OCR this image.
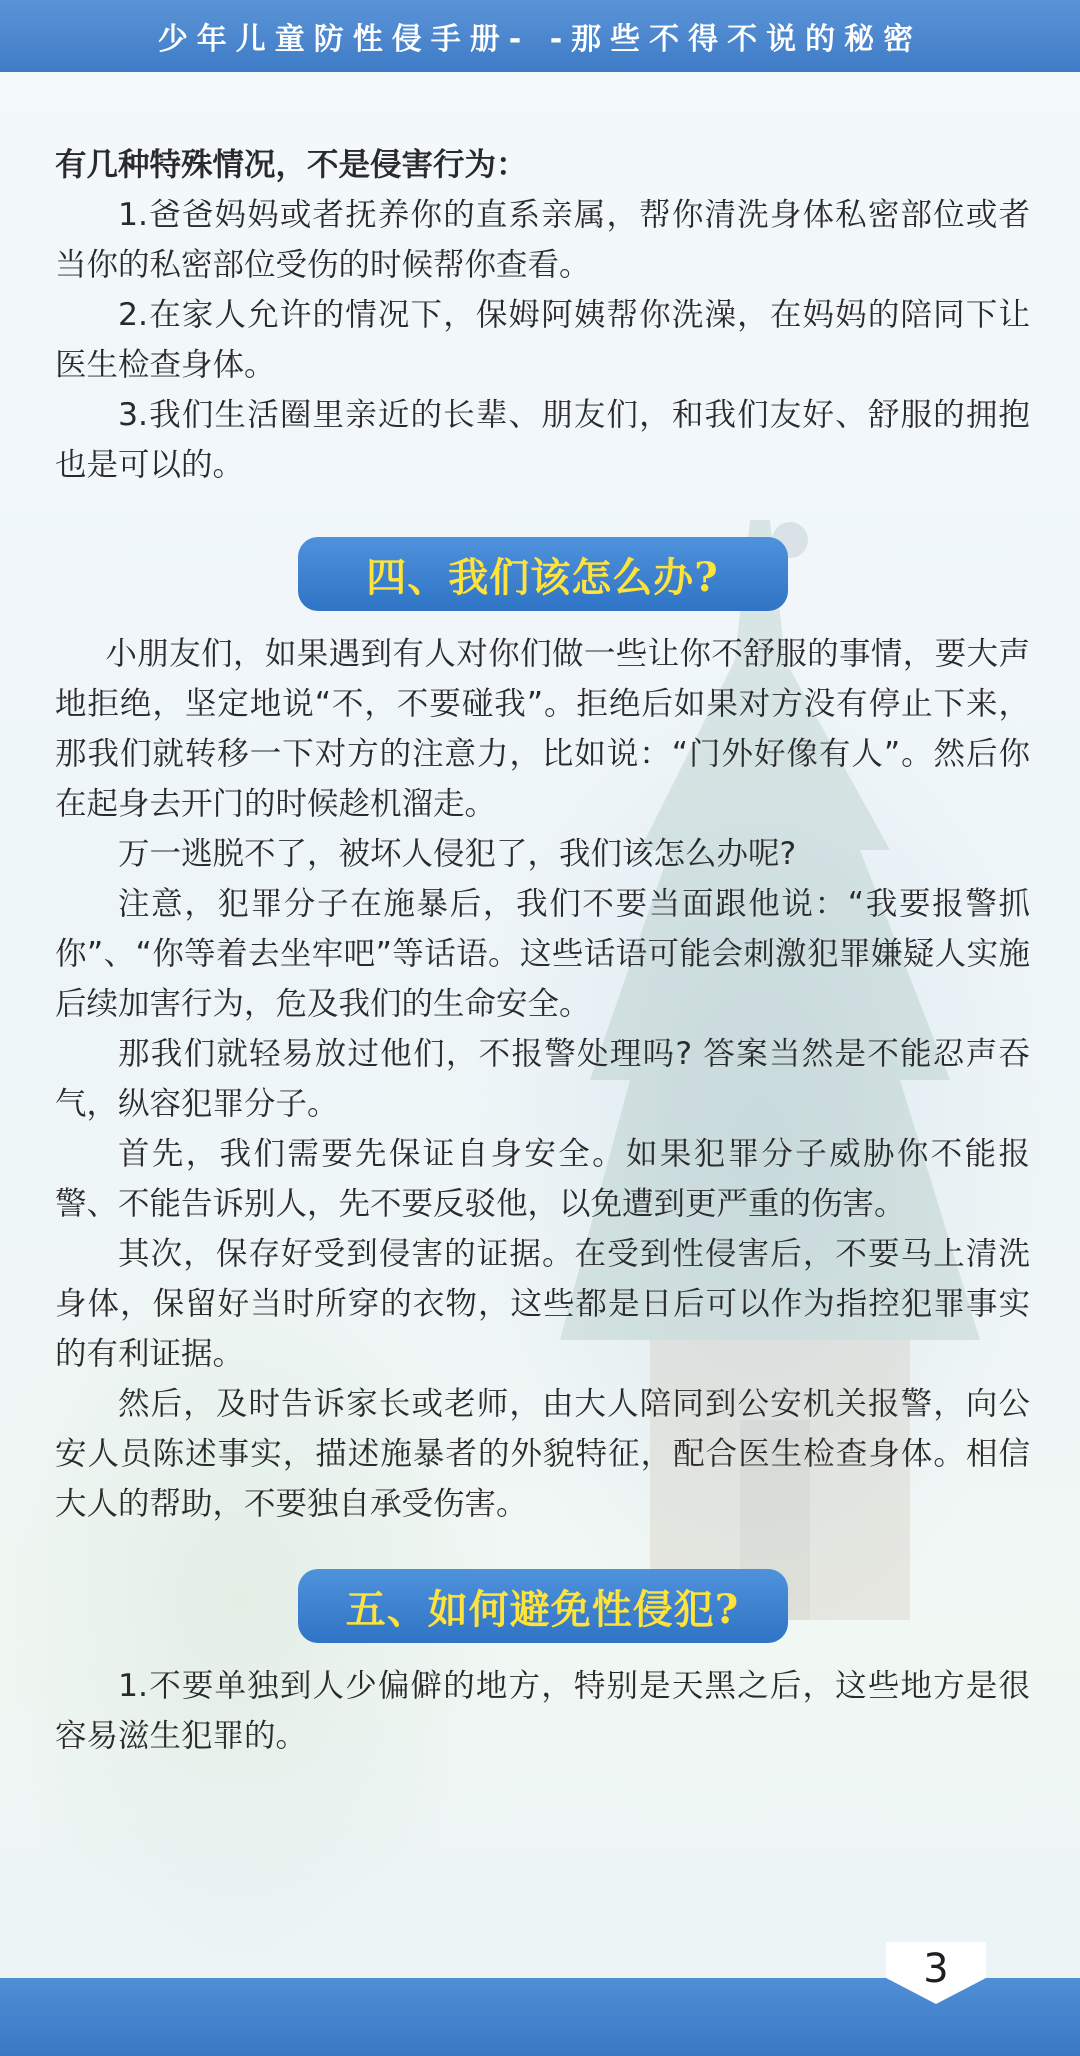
少年儿童防性侵手册- -那些不得不说的秘密

有几种特殊情况，不是侵害行为：

1.爸爸妈妈或者抚养你的直系亲属，帮你清洗身体私密部位或者当你的私密部位受伤的时候帮你查看。

2.在家人允许的情况下，保姆阿姨帮你洗澡，在妈妈的陪同下让医生检查身体。

3.我们生活圈里亲近的长辈、朋友们，和我们友好、舒服的拥抱也是可以的。

四、我们该怎么办?

小朋友们，如果遇到有人对你们做一些让你不舒服的事情，要大声地拒绝，坚定地说“不，不要碰我”。拒绝后如果对方没有停止下来，那我们就转移一下对方的注意力，比如说：“门外好像有人”。然后你在起身去开门的时候趁机溜走。

万一逃脱不了，被坏人侵犯了，我们该怎么办呢?

注意，犯罪分子在施暴后，我们不要当面跟他说：“我要报警抓你”、“你等着去坐牢吧”等话语。这些话语可能会刺激犯罪嫌疑人实施后续加害行为，危及我们的生命安全。

那我们就轻易放过他们，不报警处理吗? 答案当然是不能忍声吞气，纵容犯罪分子。

首先，我们需要先保证自身安全。如果犯罪分子威胁你不能报警、不能告诉别人，先不要反驳他，以免遭到更严重的伤害。

其次，保存好受到侵害的证据。在受到性侵害后，不要马上清洗身体，保留好当时所穿的衣物，这些都是日后可以作为指控犯罪事实的有利证据。

然后，及时告诉家长或老师，由大人陪同到公安机关报警，向公安人员陈述事实，描述施暴者的外貌特征，配合医生检查身体。相信大人的帮助，不要独自承受伤害。

五、如何避免性侵犯?

1.不要单独到人少偏僻的地方，特别是天黑之后，这些地方是很容易滋生犯罪的。

3
